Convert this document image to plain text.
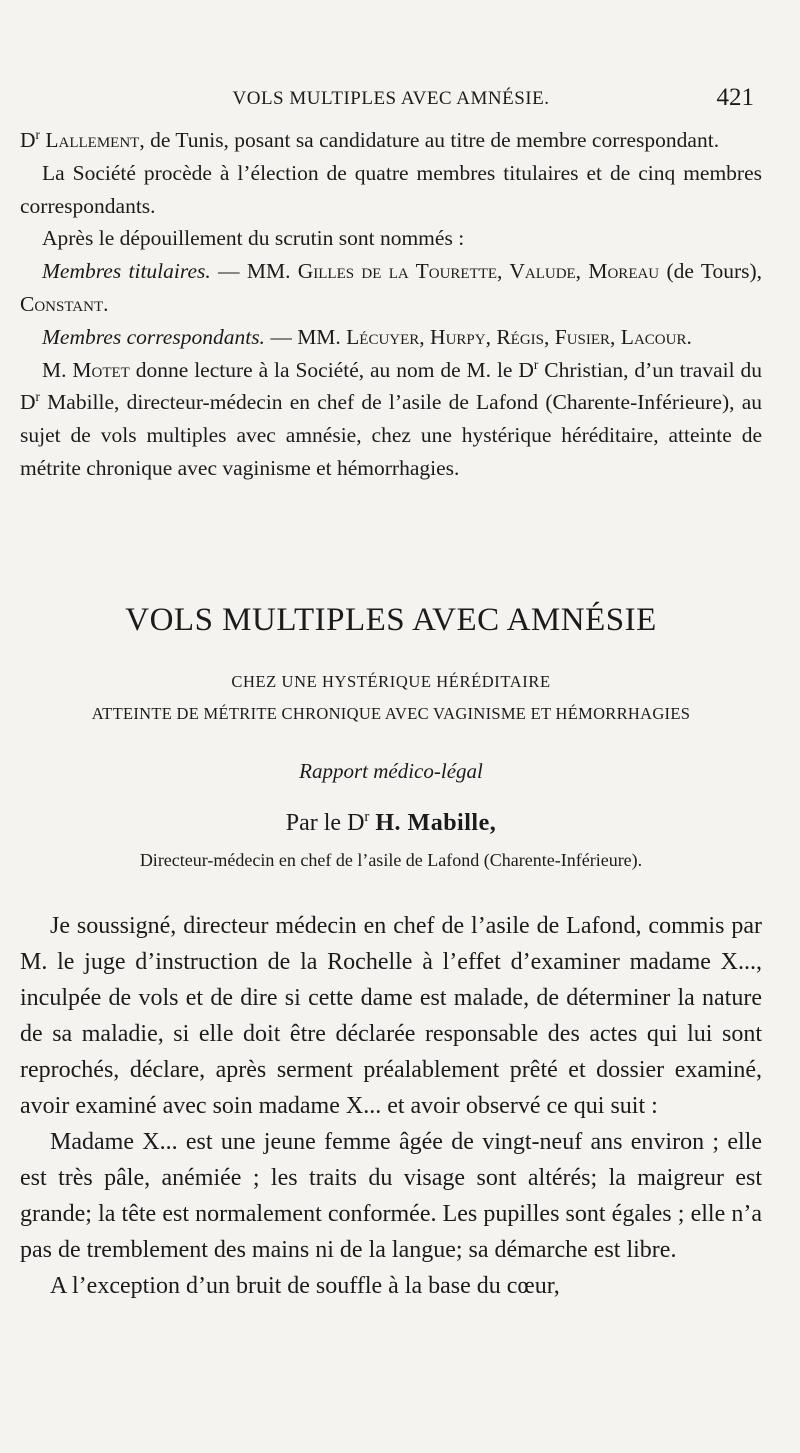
VOLS MULTIPLES AVEC AMNÉSIE.	421

$D^r$ Lallement, de Tunis, posant sa candidature au titre de membre correspondant.

La Société procède à l’élection de quatre membres titulaires et de cinq membres correspondants.

Après le dépouillement du scrutin sont nommés :

Membres titulaires. — MM. Gilles de la Tourette, Valude, Moreau (de Tours), Constant.

Membres correspondants. — MM. Lécuyer, Hurpy, Régis, Fusier, Lacour.

M. Motet donne lecture à la Société, au nom de M. le $D^r$ Christian, d’un travail du $D^r$ Mabille, directeur-médecin en chef de l’asile de Lafond (Charente-Inférieure), au sujet de vols multiples avec amnésie, chez une hystérique héréditaire, atteinte de métrite chronique avec vaginisme et hémorrhagies.

VOLS MULTIPLES AVEC AMNÉSIE
CHEZ UNE HYSTÉRIQUE HÉRÉDITAIRE
ATTEINTE DE MÉTRITE CHRONIQUE AVEC VAGINISME ET HÉMORRHAGIES
Rapport médico-légal
Par le $D^r$ H. Mabille,
Directeur-médecin en chef de l’asile de Lafond (Charente-Inférieure).

Je soussigné, directeur médecin en chef de l’asile de Lafond, commis par M. le juge d’instruction de la Rochelle à l’effet d’examiner madame X..., inculpée de vols et de dire si cette dame est malade, de déterminer la nature de sa maladie, si elle doit être déclarée responsable des actes qui lui sont reprochés, déclare, après serment préalablement prêté et dossier examiné, avoir examiné avec soin madame X... et avoir observé ce qui suit :

Madame X... est une jeune femme âgée de vingt-neuf ans environ ; elle est très pâle, anémiée ; les traits du visage sont altérés; la maigreur est grande; la tête est normalement conformée. Les pupilles sont égales ; elle n’a pas de tremblement des mains ni de la langue; sa démarche est libre.

A l’exception d’un bruit de souffle à la base du cœur,
